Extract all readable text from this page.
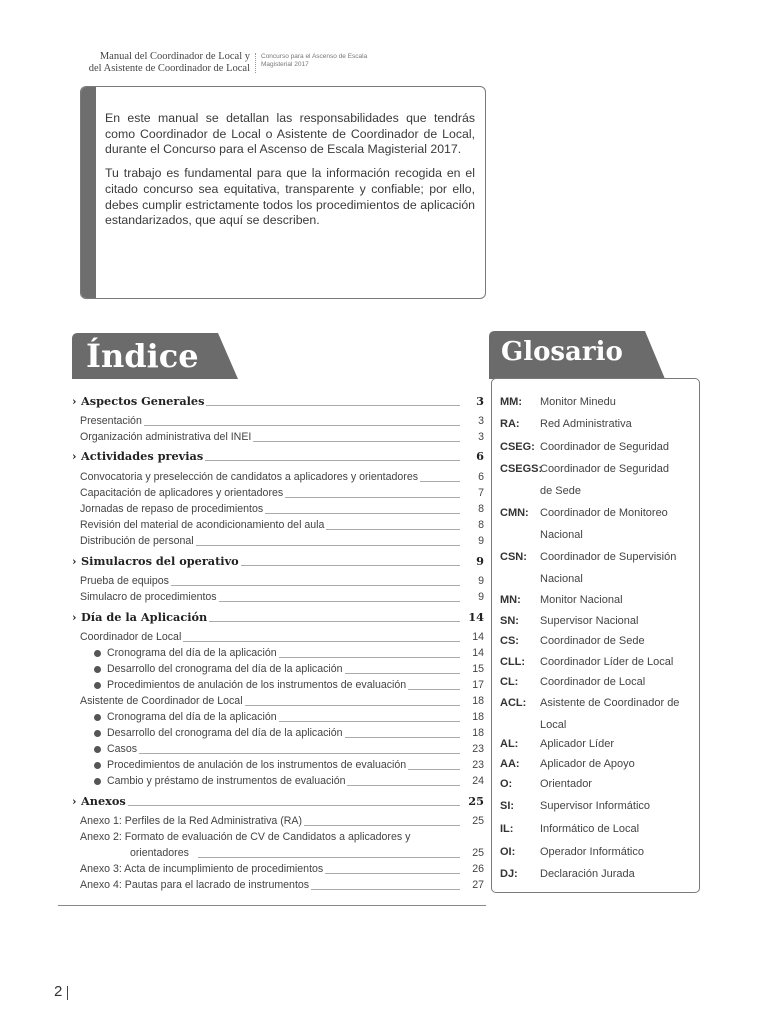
Manual del Coordinador de Local y
del Asistente de Coordinador de Local
Concurso para el Ascenso de Escala
Magisterial 2017

En este manual se detallan las responsabilidades que tendrás como Coordinador de Local o Asistente de Coordinador de Local, durante el Concurso para el Ascenso de Escala Magisterial 2017.

Tu trabajo es fundamental para que la información recogida en el citado concurso sea equitativa, transparente y confiable; por ello, debes cumplir estrictamente todos los procedimientos de aplicación estandarizados, que aquí se describen.

Índice
› Aspectos Generales	3
Presentación	3
Organización administrativa del INEI	3
› Actividades previas	6
Convocatoria y preselección de candidatos a aplicadores y orientadores	6
Capacitación de aplicadores y orientadores	7
Jornadas de repaso de procedimientos	8
Revisión del material de acondicionamiento del aula	8
Distribución de personal	9
› Simulacros del operativo	9
Prueba de equipos	9
Simulacro de procedimientos	9
› Día de la Aplicación	14
Coordinador de Local	14
Cronograma del día de la aplicación	14
Desarrollo del cronograma del día de la aplicación	15
Procedimientos de anulación de los instrumentos de evaluación	17
Asistente de Coordinador de Local	18
Cronograma del día de la aplicación	18
Desarrollo del cronograma del día de la aplicación	18
Casos	23
Procedimientos de anulación de los instrumentos de evaluación	23
Cambio y préstamo de instrumentos de evaluación	24
› Anexos	25
Anexo 1: Perfiles de la Red Administrativa (RA)	25
Anexo 2: Formato de evaluación de CV de Candidatos a aplicadores y
orientadores	25
Anexo 3: Acta de incumplimiento de procedimientos	26
Anexo 4: Pautas para el lacrado de instrumentos	27
Glosario
MM: Monitor Minedu
RA: Red Administrativa
CSEG: Coordinador de Seguridad
CSEGS:
Coordinador de Seguridad de Sede
CMN: Coordinador de Monitoreo Nacional
CSN: Coordinador de Supervisión Nacional
MN: Monitor Nacional
SN: Supervisor Nacional
CS: Coordinador de Sede
CLL: Coordinador Líder de Local
CL: Coordinador de Local
ACL: Asistente de Coordinador de Local
AL: Aplicador Líder
AA: Aplicador de Apoyo
O:	Orientador
SI: Supervisor Informático
IL: Informático de Local
OI: Operador Informático
DJ: Declaración Jurada
2
